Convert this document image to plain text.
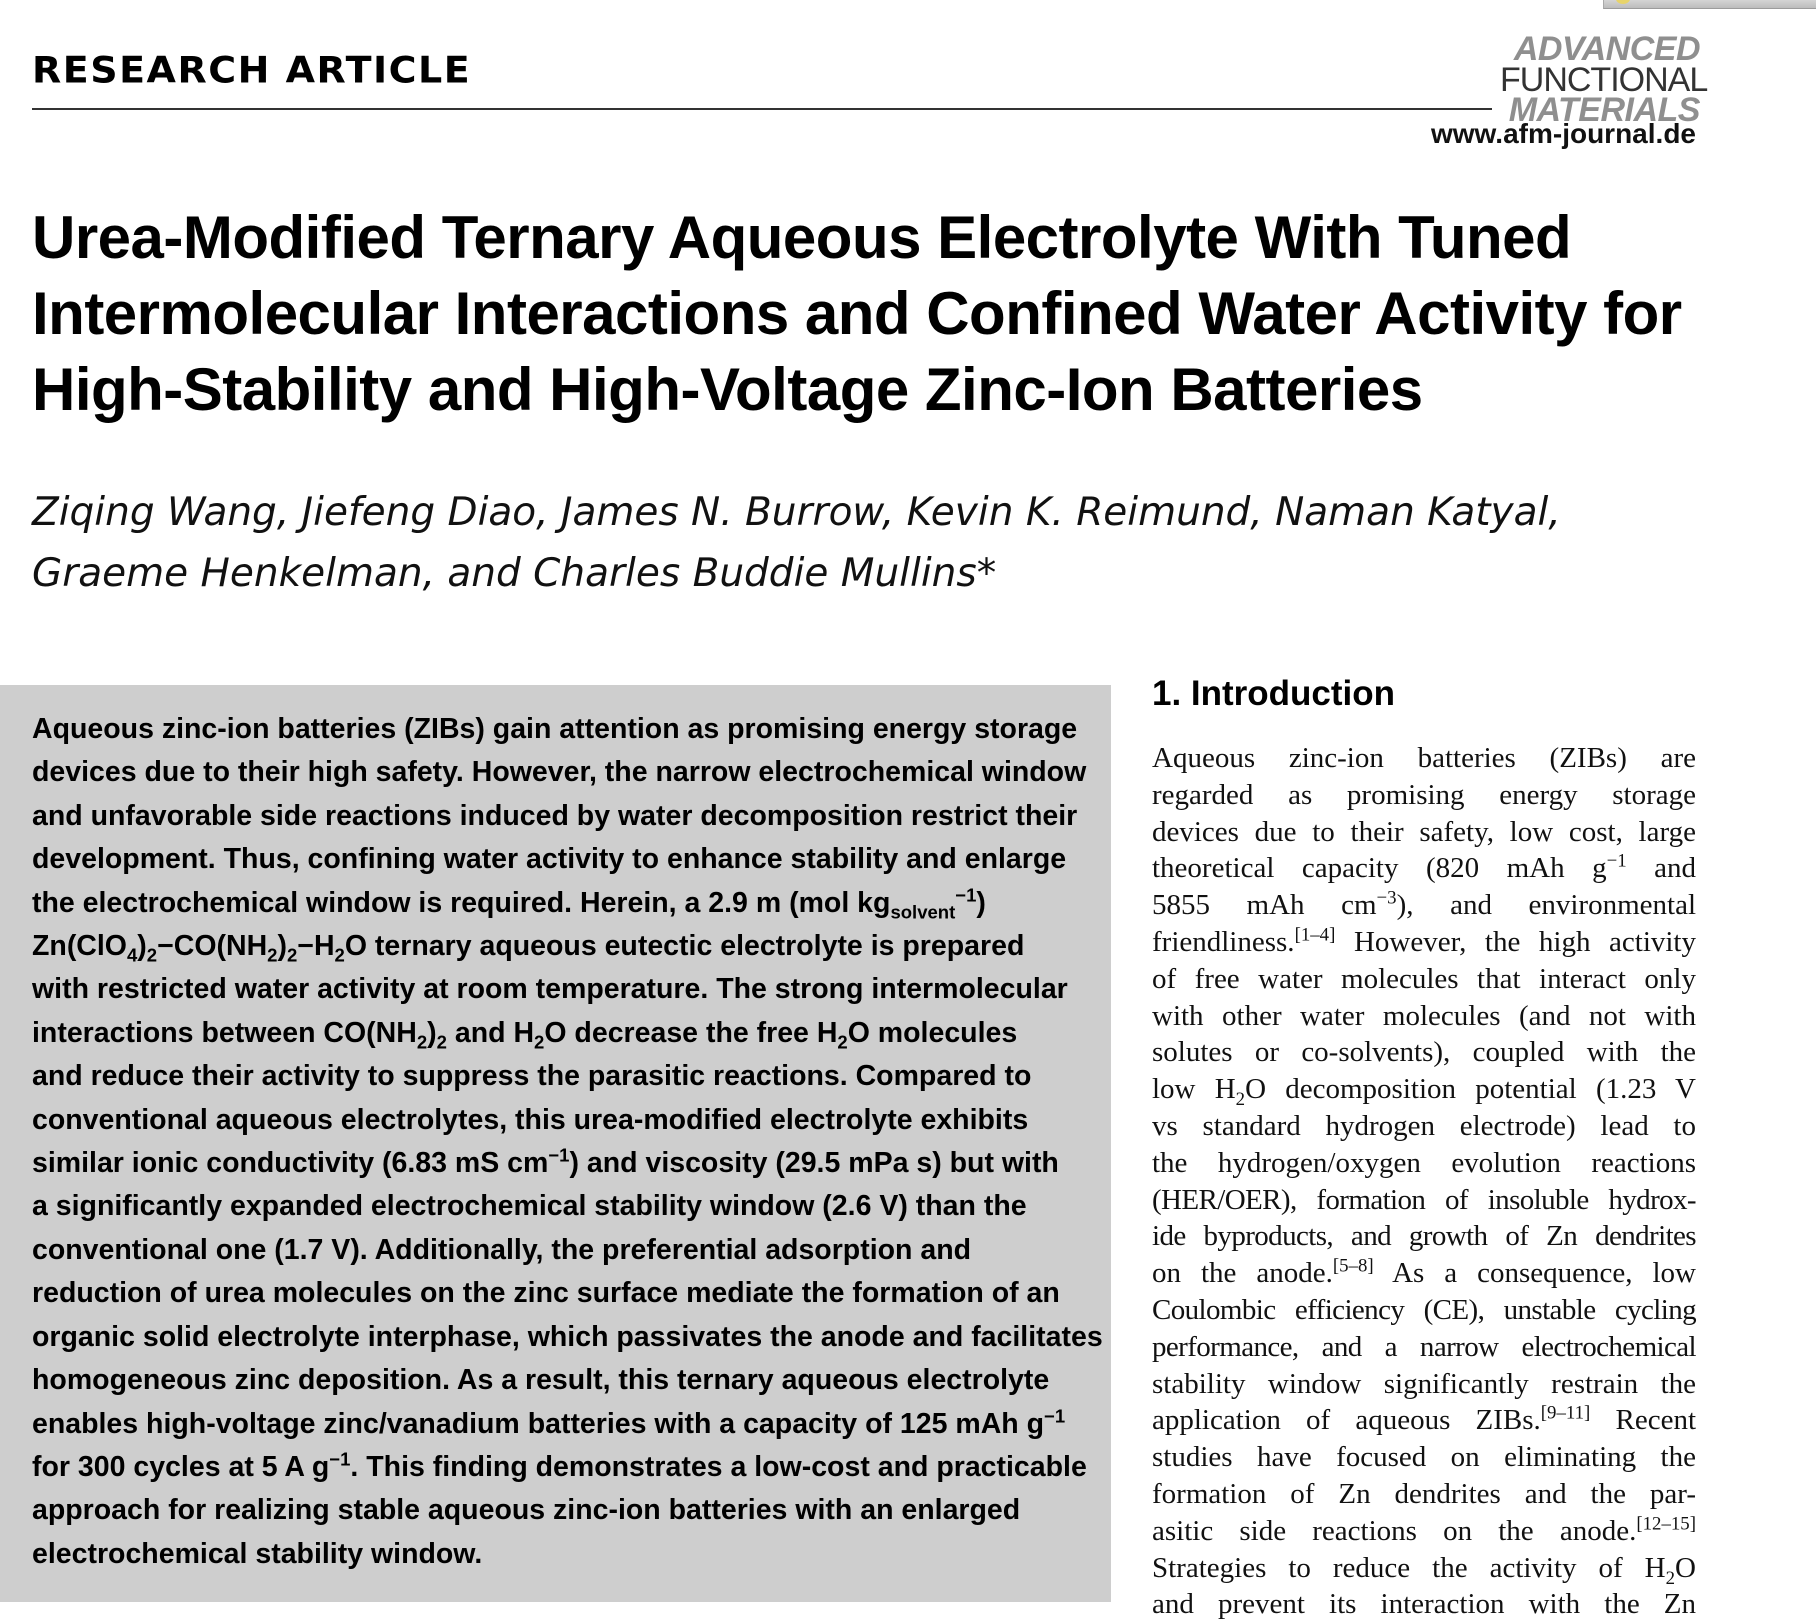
RESEARCH ARTICLE
ADVANCED
FUNCTIONAL
MATERIALS
www.afm-journal.de
Urea-Modified Ternary Aqueous Electrolyte With Tuned
Intermolecular Interactions and Confined Water Activity for
High-Stability and High-Voltage Zinc-Ion Batteries

Ziqing Wang, Jiefeng Diao, James N. Burrow, Kevin K. Reimund, Naman Katyal,
Graeme Henkelman, and Charles Buddie Mullins*

Aqueous zinc-ion batteries (ZIBs) gain attention as promising energy storage
devices due to their high safety. However, the narrow electrochemical window
and unfavorable side reactions induced by water decomposition restrict their
development. Thus, confining water activity to enhance stability and enlarge
the electrochemical window is required. Herein, a 2.9 m (mol $kg_{solvent}^{-1}$)
$Zn(ClO_4)_2-CO(NH_2)_2-H_2O$ ternary aqueous eutectic electrolyte is prepared
with restricted water activity at room temperature. The strong intermolecular
interactions between $CO(NH_2)_2$ and $H_2O$ decrease the free $H_2O$ molecules
and reduce their activity to suppress the parasitic reactions. Compared to
conventional aqueous electrolytes, this urea-modified electrolyte exhibits
similar ionic conductivity (6.83 mS $cm^{-1}$) and viscosity (29.5 mPa s) but with
a significantly expanded electrochemical stability window (2.6 V) than the
conventional one (1.7 V). Additionally, the preferential adsorption and
reduction of urea molecules on the zinc surface mediate the formation of an
organic solid electrolyte interphase, which passivates the anode and facilitates
homogeneous zinc deposition. As a result, this ternary aqueous electrolyte
enables high-voltage zinc/vanadium batteries with a capacity of 125 mAh $g^{-1}$
for 300 cycles at 5 A $g^{-1}$. This finding demonstrates a low-cost and practicable
approach for realizing stable aqueous zinc-ion batteries with an enlarged
electrochemical stability window.
1. Introduction
Aqueous zinc-ion batteries (ZIBs) are
regarded as promising energy storage
devices due to their safety, low cost, large
theoretical capacity (820 mAh $g^{-1}$ and
5855 mAh $cm^{-3}$), and environmental
friendliness.[1–4] However, the high activity
of free water molecules that interact only
with other water molecules (and not with
solutes or co-solvents), coupled with the
low $H_2O$ decomposition potential (1.23 V
vs standard hydrogen electrode) lead to
the hydrogen/oxygen evolution reactions
(HER/OER), formation of insoluble hydrox-
ide byproducts, and growth of Zn dendrites
on the anode.[5–8] As a consequence, low
Coulombic efficiency (CE), unstable cycling
performance, and a narrow electrochemical
stability window significantly restrain the
application of aqueous ZIBs.[9–11] Recent
studies have focused on eliminating the
formation of Zn dendrites and the par-
asitic side reactions on the anode.[12–15]
Strategies to reduce the activity of $H_2O$
and prevent its interaction with the Zn
